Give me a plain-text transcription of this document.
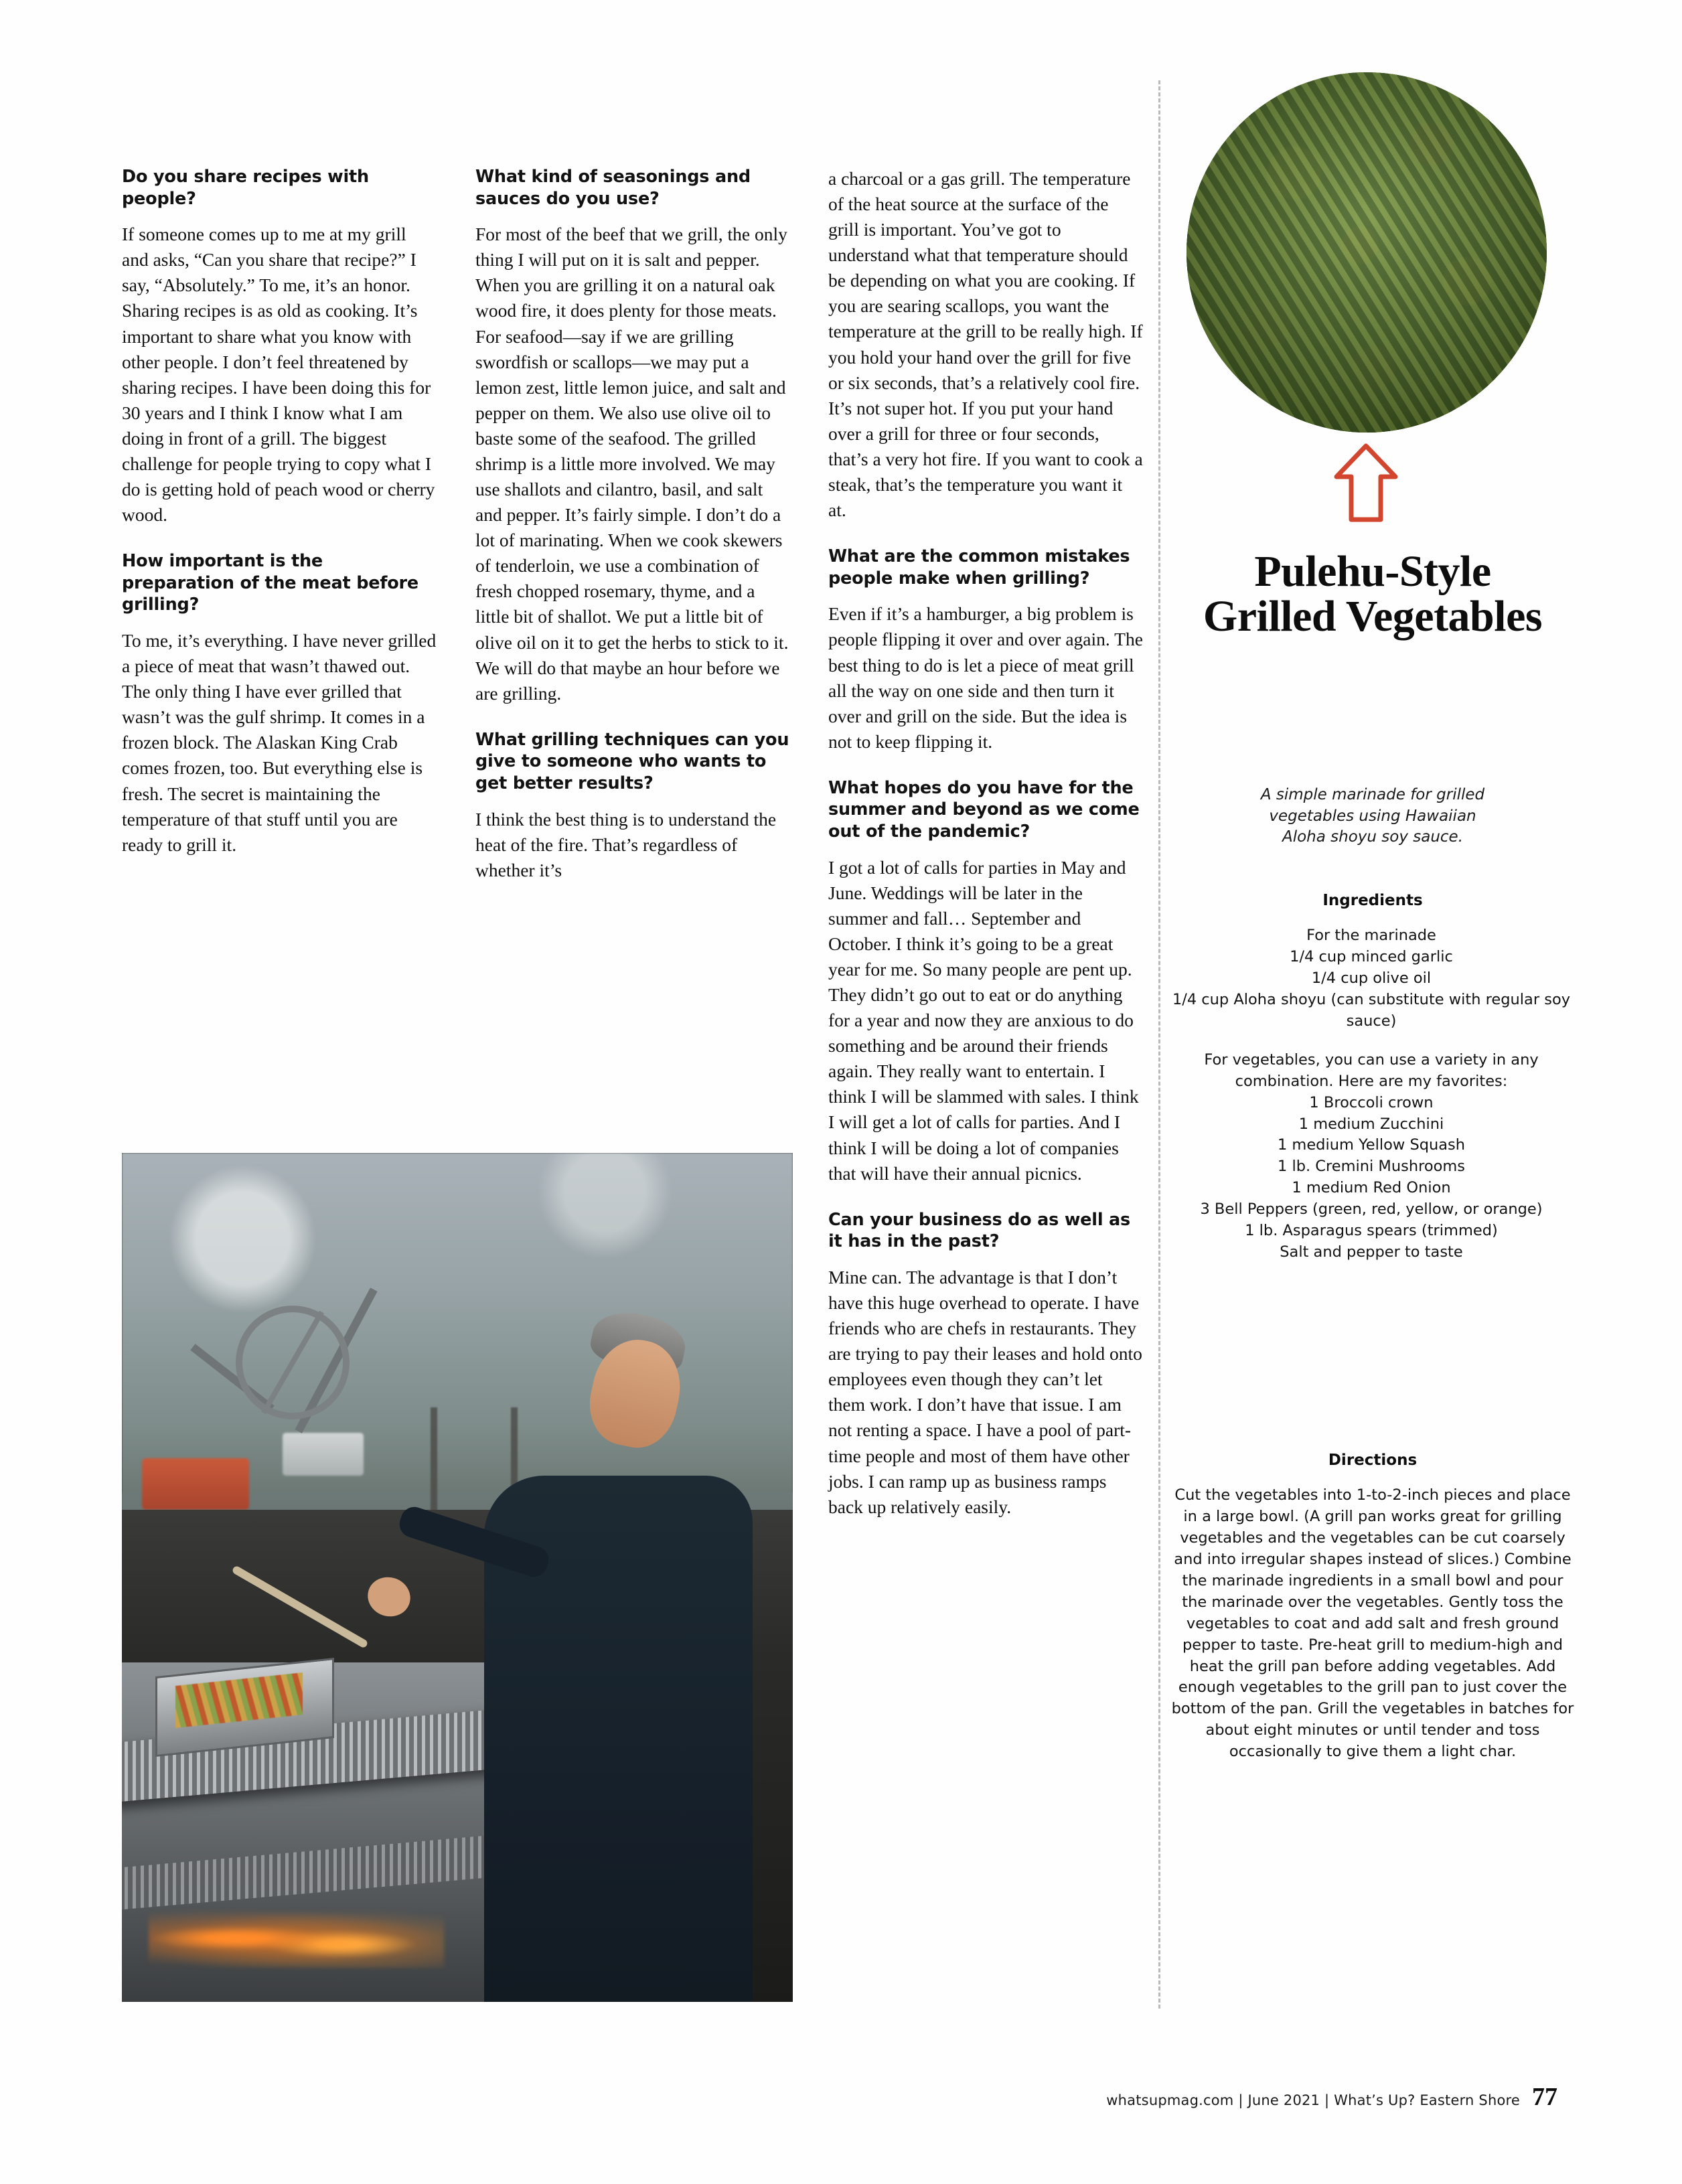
Do you share recipes with people?

If someone comes up to me at my grill and asks, “Can you share that recipe?” I say, “Absolutely.” To me, it’s an honor. Sharing recipes is as old as cooking. It’s important to share what you know with other people. I don’t feel threatened by sharing recipes. I have been doing this for 30 years and I think I know what I am doing in front of a grill. The biggest challenge for people trying to copy what I do is getting hold of peach wood or cherry wood.

How important is the preparation of the meat before grilling?

To me, it’s everything. I have never grilled a piece of meat that wasn’t thawed out. The only thing I have ever grilled that wasn’t was the gulf shrimp. It comes in a frozen block. The Alaskan King Crab comes frozen, too. But everything else is fresh. The secret is maintaining the temperature of that stuff until you are ready to grill it.

What kind of seasonings and sauces do you use?

For most of the beef that we grill, the only thing I will put on it is salt and pepper. When you are grilling it on a natural oak wood fire, it does plenty for those meats. For seafood—say if we are grilling swordfish or scallops—we may put a lemon zest, little lemon juice, and salt and pepper on them. We also use olive oil to baste some of the seafood. The grilled shrimp is a little more involved. We may use shallots and cilantro, basil, and salt and pepper. It’s fairly simple. I don’t do a lot of marinating. When we cook skewers of tenderloin, we use a combination of fresh chopped rosemary, thyme, and a little bit of shallot. We put a little bit of olive oil on it to get the herbs to stick to it. We will do that maybe an hour before we are grilling.

What grilling techniques can you give to someone who wants to get better results?

I think the best thing is to understand the heat of the fire. That’s regardless of whether it’s

a charcoal or a gas grill. The temperature of the heat source at the surface of the grill is important. You’ve got to understand what that temperature should be depending on what you are cooking. If you are searing scallops, you want the temperature at the grill to be really high. If you hold your hand over the grill for five or six seconds, that’s a relatively cool fire. It’s not super hot. If you put your hand over a grill for three or four seconds, that’s a very hot fire. If you want to cook a steak, that’s the temperature you want it at.

What are the common mistakes people make when grilling?

Even if it’s a hamburger, a big problem is people flipping it over and over again. The best thing to do is let a piece of meat grill all the way on one side and then turn it over and grill on the side. But the idea is not to keep flipping it.

What hopes do you have for the summer and beyond as we come out of the pandemic?

I got a lot of calls for parties in May and June. Weddings will be later in the summer and fall… September and October. I think it’s going to be a great year for me. So many people are pent up. They didn’t go out to eat or do anything for a year and now they are anxious to do something and be around their friends again. They really want to entertain. I think I will be slammed with sales. I think I will get a lot of calls for parties. And I think I will be doing a lot of companies that will have their annual picnics.

Can your business do as well as it has in the past?

Mine can. The advantage is that I don’t have this huge overhead to operate. I have friends who are chefs in restaurants. They are trying to pay their leases and hold onto employees even though they can’t let them work. I don’t have that issue. I am not renting a space. I have a pool of part-time people and most of them have other jobs. I can ramp up as business ramps back up relatively easily.

Pulehu-Style Grilled Vegetables
A simple marinade for grilled vegetables using Hawaiian Aloha shoyu soy sauce.
Ingredients
For the marinade
1/4 cup minced garlic
1/4 cup olive oil
1/4 cup Aloha shoyu (can substitute with regular soy sauce)
For vegetables, you can use a variety in any combination. Here are my favorites:
1 Broccoli crown
1 medium Zucchini
1 medium Yellow Squash
1 lb. Cremini Mushrooms
1 medium Red Onion
3 Bell Peppers (green, red, yellow, or orange)
1 lb. Asparagus spears (trimmed)
Salt and pepper to taste
Directions
Cut the vegetables into 1-to-2-inch pieces and place in a large bowl. (A grill pan works great for grilling vegetables and the vegetables can be cut coarsely and into irregular shapes instead of slices.) Combine the marinade ingredients in a small bowl and pour the marinade over the vegetables. Gently toss the vegetables to coat and add salt and fresh ground pepper to taste. Pre-heat grill to medium-high and heat the grill pan before adding vegetables. Add enough vegetables to the grill pan to just cover the bottom of the pan. Grill the vegetables in batches for about eight minutes or until tender and toss occasionally to give them a light char.
whatsupmag.com | June 2021 | What’s Up? Eastern Shore 77
